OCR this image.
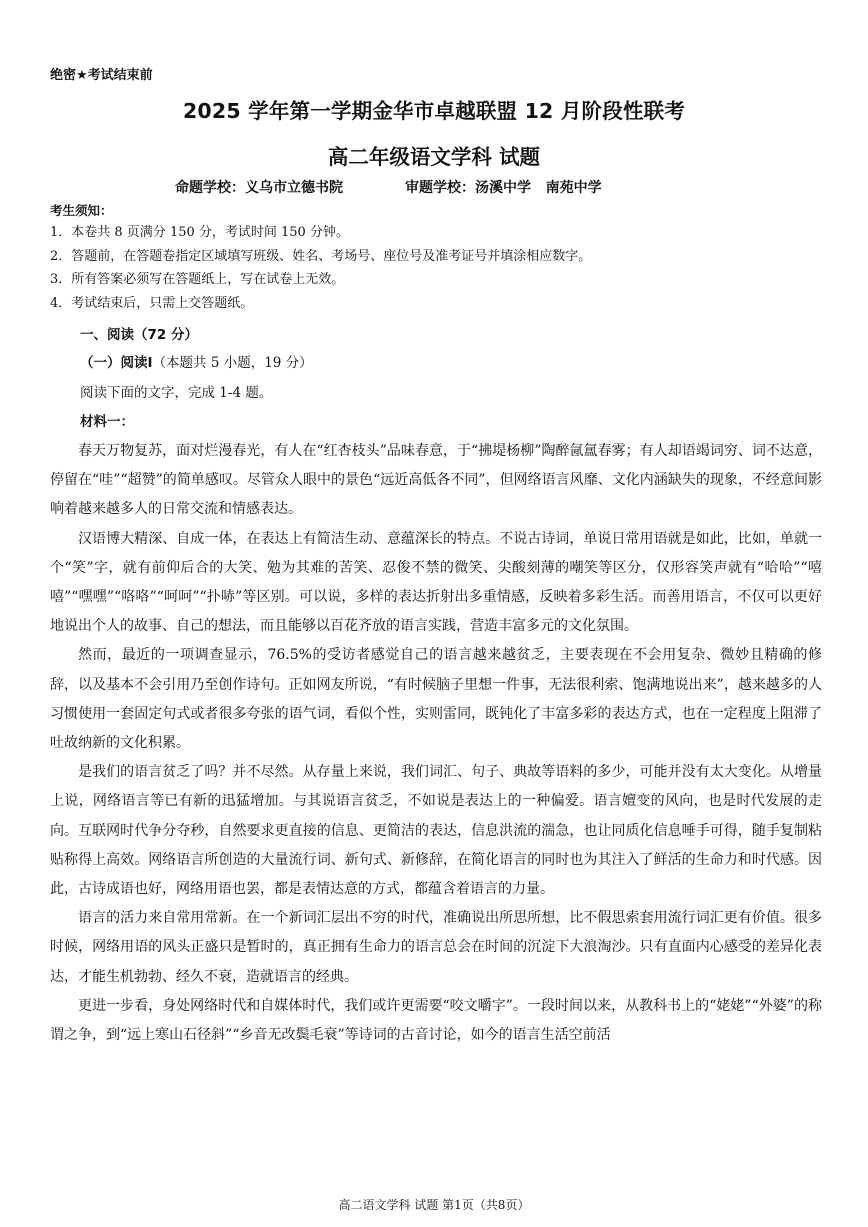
绝密★考试结束前
2025 学年第一学期金华市卓越联盟 12 月阶段性联考
高二年级语文学科 试题
命题学校：义乌市立德书院	审题学校：汤溪中学   南苑中学
考生须知：
1．本卷共 8 页满分 150 分，考试时间 150 分钟。
2．答题前，在答题卷指定区域填写班级、姓名、考场号、座位号及准考证号并填涂相应数字。
3．所有答案必须写在答题纸上，写在试卷上无效。
4．考试结束后，只需上交答题纸。
一、阅读（72 分）
（一）阅读Ⅰ（本题共 5 小题，19 分）
阅读下面的文字，完成 1-4 题。
材料一：

春天万物复苏，面对烂漫春光，有人在“红杏枝头”品味春意，于“拂堤杨柳”陶醉氤氲春雾；有人却语竭词穷、词不达意，停留在“哇”“超赞”的简单感叹。尽管众人眼中的景色“远近高低各不同”，但网络语言风靡、文化内涵缺失的现象，不经意间影响着越来越多人的日常交流和情感表达。

汉语博大精深、自成一体，在表达上有简洁生动、意蕴深长的特点。不说古诗词，单说日常用语就是如此，比如，单就一个“笑”字，就有前仰后合的大笑、勉为其难的苦笑、忍俊不禁的微笑、尖酸刻薄的嘲笑等区分，仅形容笑声就有“哈哈”“嘻嘻”“嘿嘿”“咯咯”“呵呵”“扑哧”等区别。可以说，多样的表达折射出多重情感，反映着多彩生活。而善用语言，不仅可以更好地说出个人的故事、自己的想法，而且能够以百花齐放的语言实践，营造丰富多元的文化氛围。

然而，最近的一项调查显示，76.5%的受访者感觉自己的语言越来越贫乏，主要表现在不会用复杂、微妙且精确的修辞，以及基本不会引用乃至创作诗句。正如网友所说，“有时候脑子里想一件事，无法很利索、饱满地说出来”，越来越多的人习惯使用一套固定句式或者很多夸张的语气词，看似个性，实则雷同，既钝化了丰富多彩的表达方式，也在一定程度上阻滞了吐故纳新的文化积累。

是我们的语言贫乏了吗？并不尽然。从存量上来说，我们词汇、句子、典故等语料的多少，可能并没有太大变化。从增量上说，网络语言等已有新的迅猛增加。与其说语言贫乏，不如说是表达上的一种偏爱。语言嬗变的风向，也是时代发展的走向。互联网时代争分夺秒，自然要求更直接的信息、更简洁的表达，信息洪流的湍急，也让同质化信息唾手可得，随手复制粘贴称得上高效。网络语言所创造的大量流行词、新句式、新修辞，在简化语言的同时也为其注入了鲜活的生命力和时代感。因此，古诗成语也好，网络用语也罢，都是表情达意的方式，都蕴含着语言的力量。

语言的活力来自常用常新。在一个新词汇层出不穷的时代，准确说出所思所想，比不假思索套用流行词汇更有价值。很多时候，网络用语的风头正盛只是暂时的，真正拥有生命力的语言总会在时间的沉淀下大浪淘沙。只有直面内心感受的差异化表达，才能生机勃勃、经久不衰，造就语言的经典。

更进一步看，身处网络时代和自媒体时代，我们或许更需要“咬文嚼字”。一段时间以来，从教科书上的“姥姥”“外婆”的称谓之争，到“远上寒山石径斜”“乡音无改鬓毛衰”等诗词的古音讨论，如今的语言生活空前活

高二语文学科 试题 第1页（共8页）
